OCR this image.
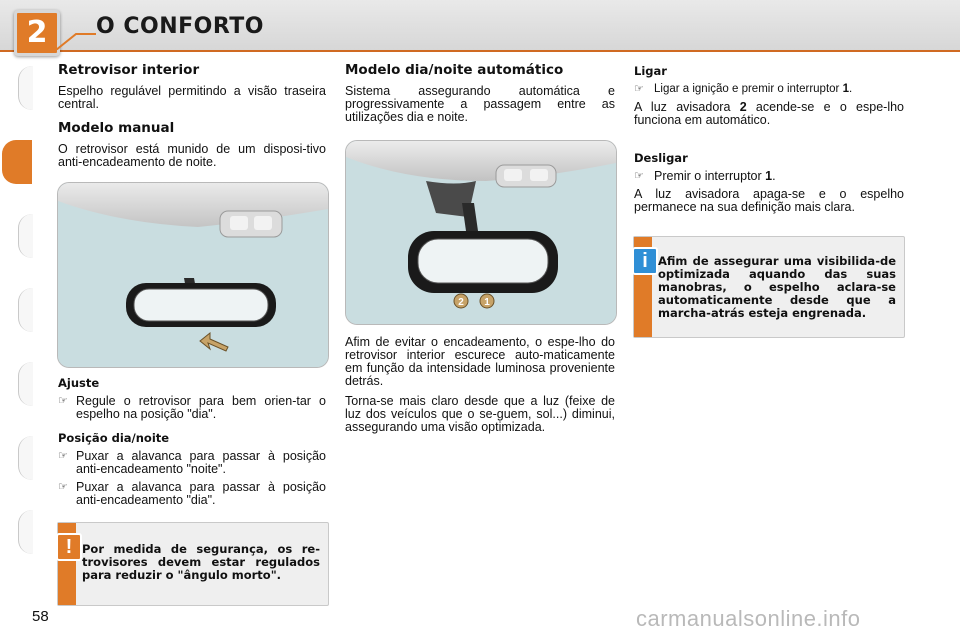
2	O CONFORTO
Retrovisor interior

Espelho regulável permitindo a visão traseira central.

Modelo manual

O retrovisor está munido de um disposi-tivo anti-encadeamento de noite.

Ajuste
☞ Regule o retrovisor para bem orien-tar o espelho na posição "dia".
Posição dia/noite
☞ Puxar a alavanca para passar à posição anti-encadeamento "noite".
☞ Puxar a alavanca para passar à posição anti-encadeamento "dia".
! Por medida de segurança, os re-trovisores devem estar regulados para reduzir o "ângulo morto".
Modelo dia/noite automático

Sistema assegurando automática e progressivamente a passagem entre as utilizações dia e noite.

2 1

Afim de evitar o encadeamento, o espe-lho do retrovisor interior escurece auto-maticamente em função da intensidade luminosa proveniente detrás.

Torna-se mais claro desde que a luz (feixe de luz dos veículos que o se-guem, sol...) diminui, assegurando uma visão optimizada.

Ligar
☞ Ligar a ignição e premir o interruptor 1.

A luz avisadora 2 acende-se e o espe-lho funciona em automático.

Desligar
☞ Premir o interruptor 1.

A luz avisadora apaga-se e o espelho permanece na sua definição mais clara.

i Afim de assegurar uma visibilida-de optimizada aquando das suas manobras, o espelho aclara-se automaticamente desde que a marcha-atrás esteja engrenada.
58	carmanualsonline.info
